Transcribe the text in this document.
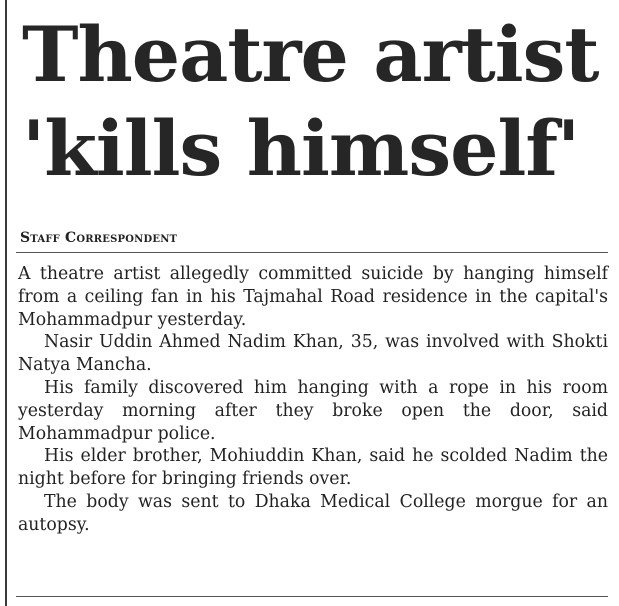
Theatre artist
'kills himself'
Staff Correspondent

A theatre artist allegedly committed suicide by hanging himself from a ceiling fan in his Tajmahal Road residence in the capital's Mohammadpur yesterday.

Nasir Uddin Ahmed Nadim Khan, 35, was involved with Shokti Natya Mancha.

His family discovered him hanging with a rope in his room yesterday morning after they broke open the door, said Mohammadpur police.

His elder brother, Mohiuddin Khan, said he scolded Nadim the night before for bringing friends over.

The body was sent to Dhaka Medical College morgue for an autopsy.
